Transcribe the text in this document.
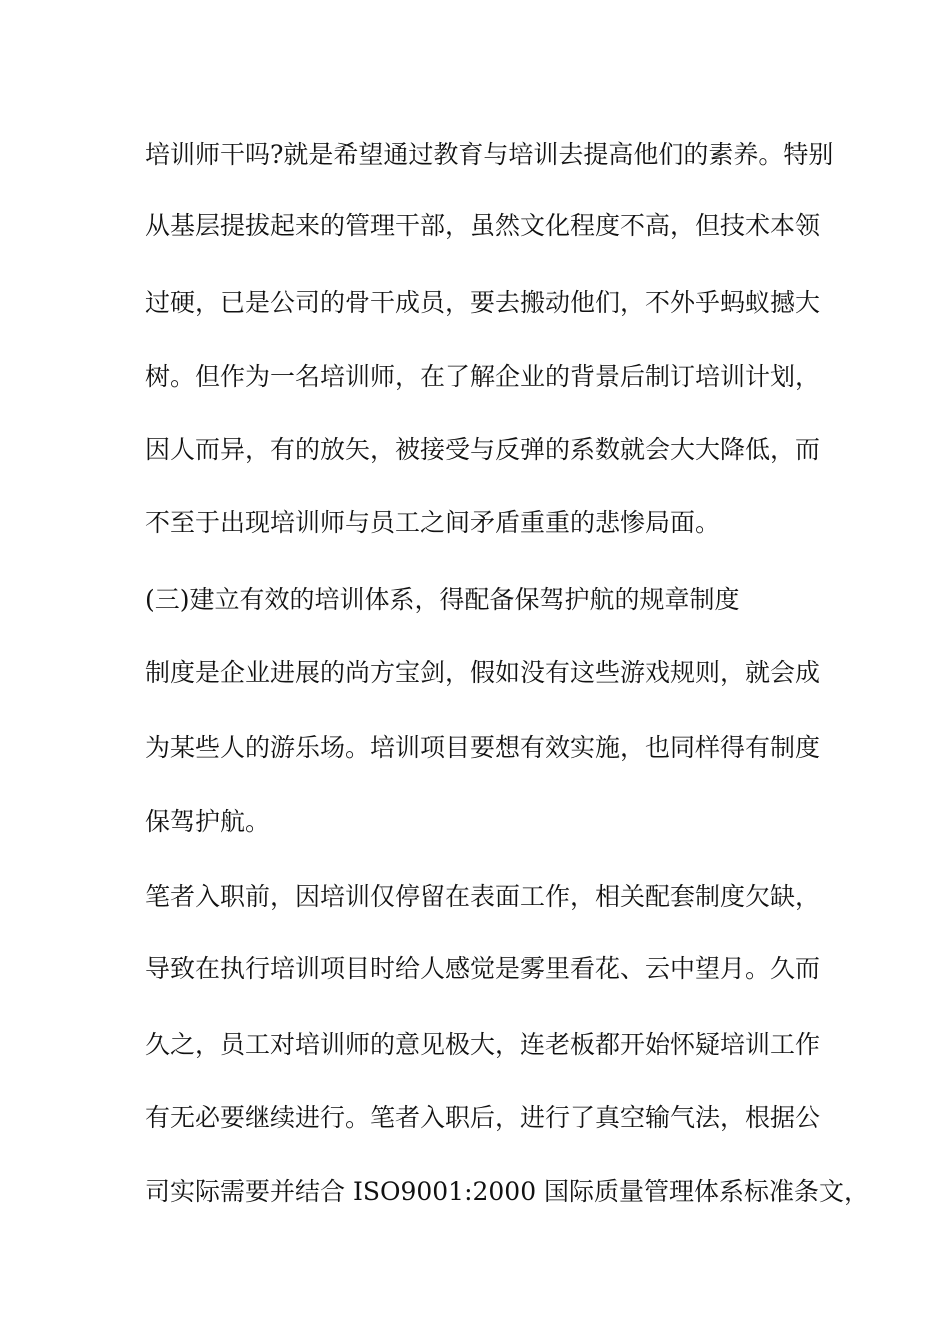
培训师干吗?就是希望通过教育与培训去提高他们的素养。特别
从基层提拔起来的管理干部，虽然文化程度不高，但技术本领
过硬，已是公司的骨干成员，要去搬动他们，不外乎蚂蚁撼大
树。但作为一名培训师，在了解企业的背景后制订培训计划，
因人而异，有的放矢，被接受与反弹的系数就会大大降低，而
不至于出现培训师与员工之间矛盾重重的悲惨局面。
(三)建立有效的培训体系，得配备保驾护航的规章制度
制度是企业进展的尚方宝剑，假如没有这些游戏规则，就会成
为某些人的游乐场。培训项目要想有效实施，也同样得有制度
保驾护航。
笔者入职前，因培训仅停留在表面工作，相关配套制度欠缺，
导致在执行培训项目时给人感觉是雾里看花、云中望月。久而
久之，员工对培训师的意见极大，连老板都开始怀疑培训工作
有无必要继续进行。笔者入职后，进行了真空输气法，根据公
司实际需要并结合 ISO9001:2000 国际质量管理体系标准条文，
